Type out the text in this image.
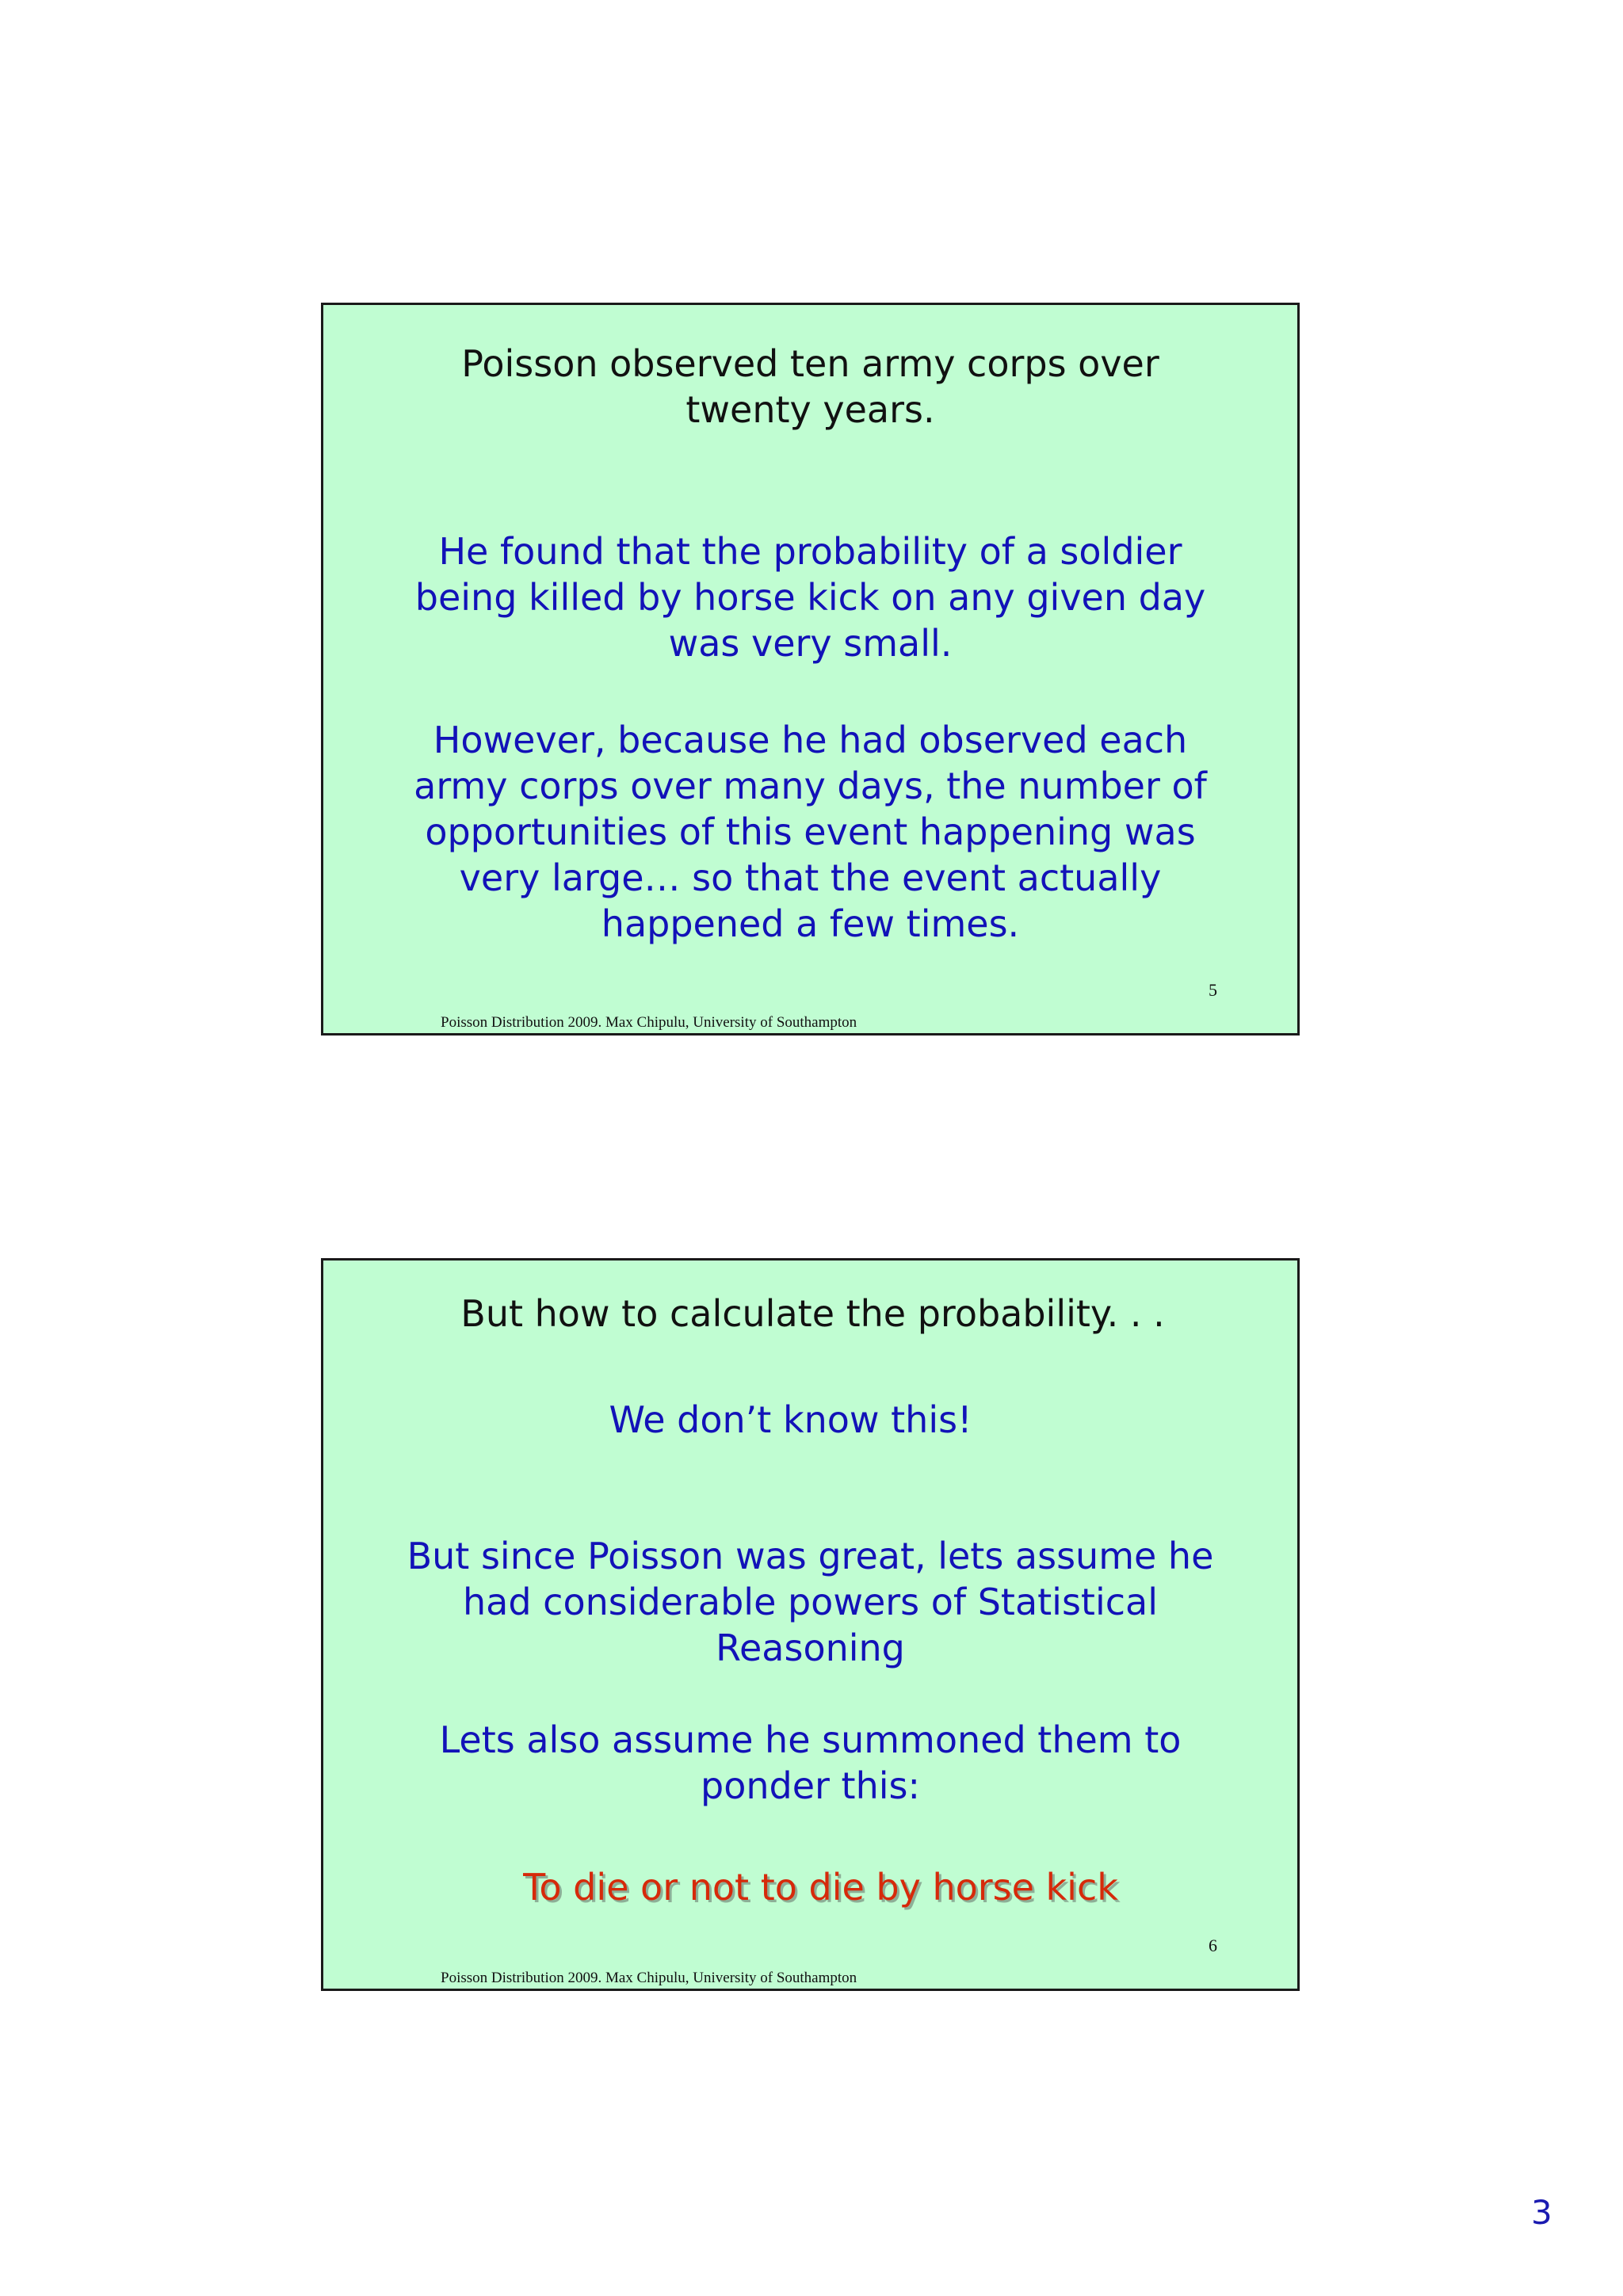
Poisson observed ten army corps over twenty years.
He found that the probability of a soldier being killed by horse kick on any given day was very small.
However, because he had observed each army corps over many days, the number of opportunities of this event happening was very large… so that the event actually happened a few times.
5
Poisson Distribution 2009. Max Chipulu, University of Southampton
But how to calculate the probability. . .
We don’t know this!
But since Poisson was great, lets assume he had considerable powers of Statistical Reasoning
Lets also assume he summoned them to ponder this:
To die or not to die by horse kick
6
Poisson Distribution 2009. Max Chipulu, University of Southampton
3
